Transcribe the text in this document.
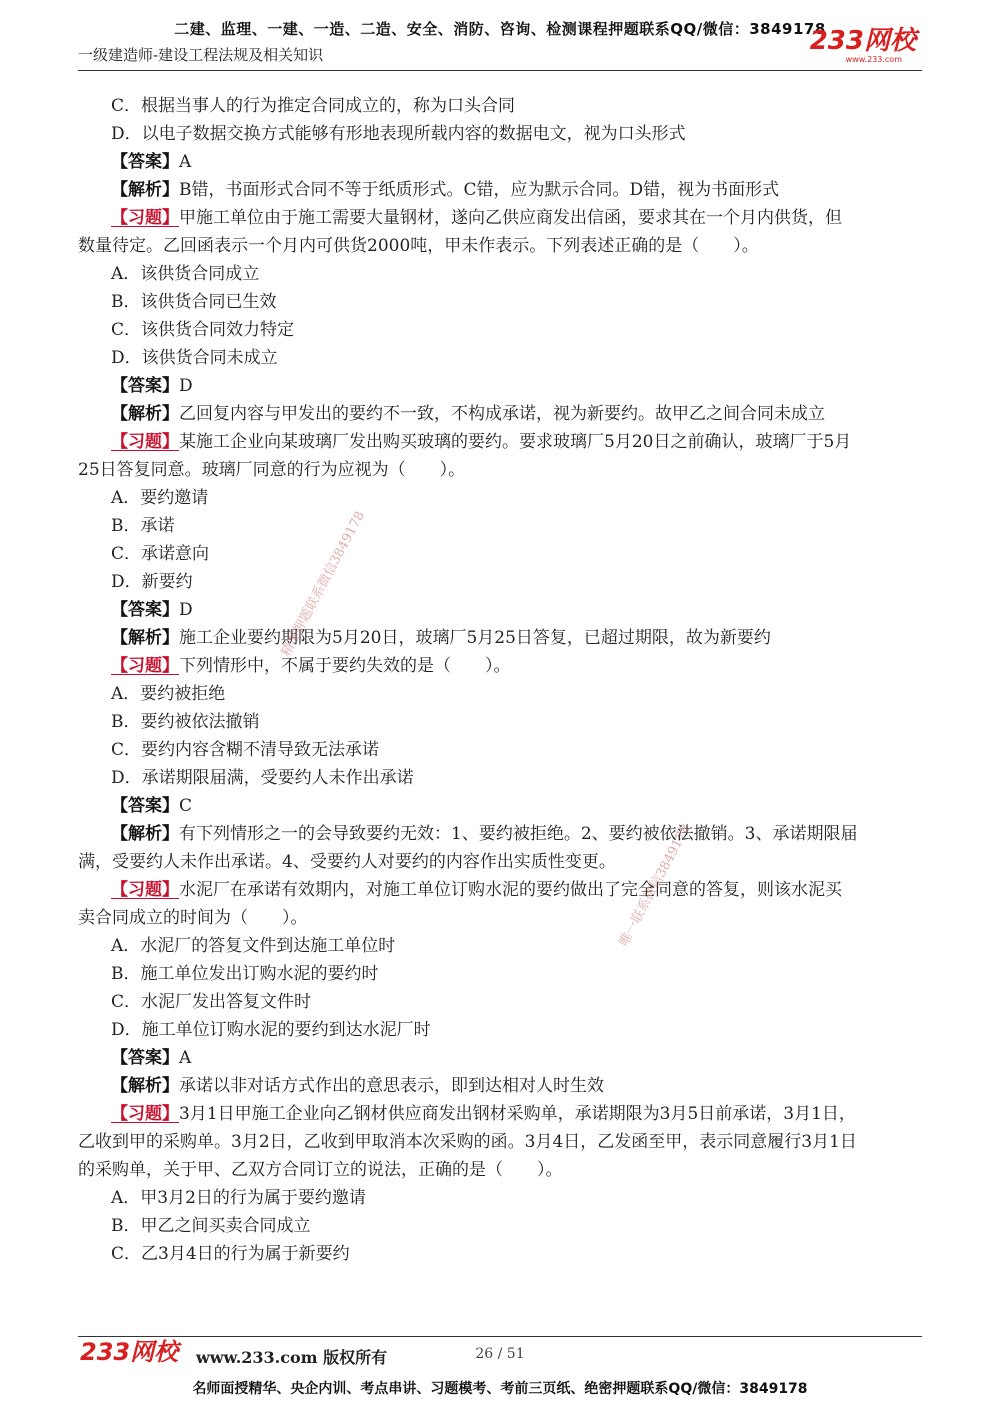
二建、监理、一建、一造、二造、安全、消防、咨询、检测课程押题联系QQ/微信：3849178
一级建造师-建设工程法规及相关知识	233网校
www.233.com
C．根据当事人的行为推定合同成立的，称为口头合同
D．以电子数据交换方式能够有形地表现所载内容的数据电文，视为口头形式
【答案】A
【解析】B错，书面形式合同不等于纸质形式。C错，应为默示合同。D错，视为书面形式
【习题】甲施工单位由于施工需要大量钢材，遂向乙供应商发出信函，要求其在一个月内供货，但
数量待定。乙回函表示一个月内可供货2000吨，甲未作表示。下列表述正确的是（　　）。
A．该供货合同成立
B．该供货合同已生效
C．该供货合同效力特定
D．该供货合同未成立
【答案】D
【解析】乙回复内容与甲发出的要约不一致，不构成承诺，视为新要约。故甲乙之间合同未成立
【习题】某施工企业向某玻璃厂发出购买玻璃的要约。要求玻璃厂5月20日之前确认，玻璃厂于5月
25日答复同意。玻璃厂同意的行为应视为（　　）。
A．要约邀请
B．承诺
C．承诺意向
D．新要约
【答案】D
【解析】施工企业要约期限为5月20日，玻璃厂5月25日答复，已超过期限，故为新要约
【习题】下列情形中，不属于要约失效的是（　　）。
A．要约被拒绝
B．要约被依法撤销
C．要约内容含糊不清导致无法承诺
D．承诺期限届满，受要约人未作出承诺
【答案】C
【解析】有下列情形之一的会导致要约无效：1、要约被拒绝。2、要约被依法撤销。3、承诺期限届
满，受要约人未作出承诺。4、受要约人对要约的内容作出实质性变更。
【习题】水泥厂在承诺有效期内，对施工单位订购水泥的要约做出了完全同意的答复，则该水泥买
卖合同成立的时间为（　　）。
A．水泥厂的答复文件到达施工单位时
B．施工单位发出订购水泥的要约时
C．水泥厂发出答复文件时
D．施工单位订购水泥的要约到达水泥厂时
【答案】A
【解析】承诺以非对话方式作出的意思表示，即到达相对人时生效
【习题】3月1日甲施工企业向乙钢材供应商发出钢材采购单，承诺期限为3月5日前承诺，3月1日，
乙收到甲的采购单。3月2日，乙收到甲取消本次采购的函。3月4日，乙发函至甲，表示同意履行3月1日
的采购单，关于甲、乙双方合同订立的说法，正确的是（　　）。
A．甲3月2日的行为属于要约邀请
B．甲乙之间买卖合同成立
C．乙3月4日的行为属于新要约
精准押题联系微信3849178
唯一联系微信3849178
233网校 www.233.com 版权所有	26 / 51
名师面授精华、央企内训、考点串讲、习题模考、考前三页纸、绝密押题联系QQ/微信：3849178
